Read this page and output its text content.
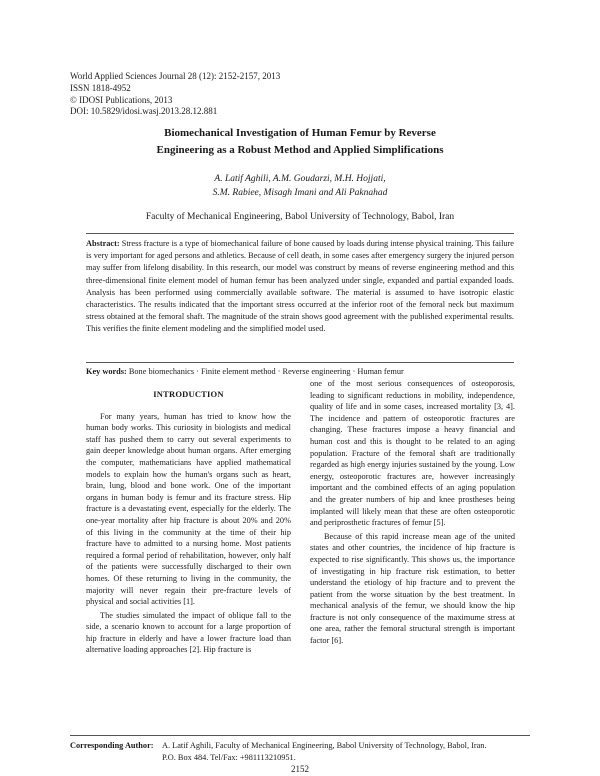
World Applied Sciences Journal 28 (12): 2152-2157, 2013
ISSN 1818-4952
© IDOSI Publications, 2013
DOI: 10.5829/idosi.wasj.2013.28.12.881
Biomechanical Investigation of Human Femur by Reverse
Engineering as a Robust Method and Applied Simplifications
A. Latif Aghili, A.M. Goudarzi, M.H. Hojjati,
S.M. Rabiee, Misagh Imani and Ali Paknahad
Faculty of Mechanical Engineering, Babol University of Technology, Babol, Iran
Abstract: Stress fracture is a type of biomechanical failure of bone caused by loads during intense physical training. This failure is very important for aged persons and athletics. Because of cell death, in some cases after emergency surgery the injured person may suffer from lifelong disability. In this research, our model was construct by means of reverse engineering method and this three-dimensional finite element model of human femur has been analyzed under single, expanded and partial expanded loads. Analysis has been performed using commercially available software. The material is assumed to have isotropic elastic characteristics. The results indicated that the important stress occurred at the inferior root of the femoral neck but maximum stress obtained at the femoral shaft. The magnitude of the strain shows good agreement with the published experimental results. This verifies the finite element modeling and the simplified model used.
Key words: Bone biomechanics · Finite element method · Reverse engineering · Human femur
INTRODUCTION

For many years, human has tried to know how the human body works. This curiosity in biologists and medical staff has pushed them to carry out several experiments to gain deeper knowledge about human organs. After emerging the computer, mathematicians have applied mathematical models to explain how the human's organs such as heart, brain, lung, blood and bone work. One of the important organs in human body is femur and its fracture stress. Hip fracture is a devastating event, especially for the elderly. The one-year mortality after hip fracture is about 20% and 20% of this living in the community at the time of their hip fracture have to admitted to a nursing home. Most patients required a formal period of rehabilitation, however, only half of the patients were successfully discharged to their own homes. Of these returning to living in the community, the majority will never regain their pre-fracture levels of physical and social activities [1].

The studies simulated the impact of oblique fall to the side, a scenario known to account for a large proportion of hip fracture in elderly and have a lower fracture load than alternative loading approaches [2]. Hip fracture is

one of the most serious consequences of osteoporosis, leading to significant reductions in mobility, independence, quality of life and in some cases, increased mortality [3, 4]. The incidence and pattern of osteoporotic fractures are changing. These fractures impose a heavy financial and human cost and this is thought to be related to an aging population. Fracture of the femoral shaft are traditionally regarded as high energy injuries sustained by the young. Low energy, osteoporotic fractures are, however increasingly important and the combined effects of an aging population and the greater numbers of hip and knee prostheses being implanted will likely mean that these are often osteoporotic and periprosthetic fractures of femur [5].

Because of this rapid increase mean age of the united states and other countries, the incidence of hip fracture is expected to rise significantly. This shows us, the importance of investigating in hip fracture risk estimation, to better understand the etiology of hip fracture and to prevent the patient from the worse situation by the best treatment. In mechanical analysis of the femur, we should know the hip fracture is not only consequence of the maximume stress at one area, rather the femoral structural strength is important factor [6].

Corresponding Author: A. Latif Aghili, Faculty of Mechanical Engineering, Babol University of Technology, Babol, Iran.
P.O. Box 484. Tel/Fax: +981113210951.
2152
